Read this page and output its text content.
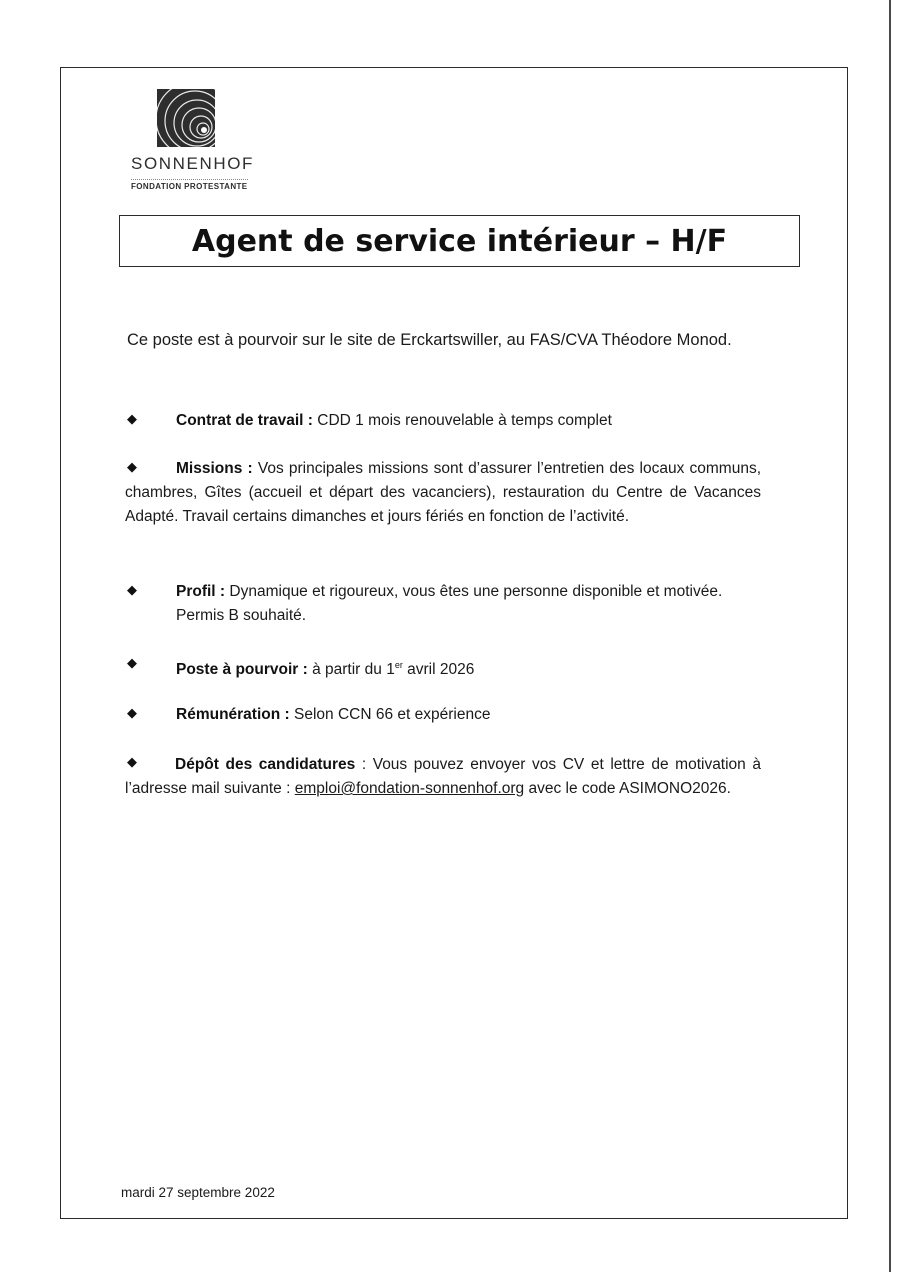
SONNENHOF
FONDATION PROTESTANTE
Agent de service intérieur – H/F
Ce poste est à pourvoir sur le site de Erckartswiller, au FAS/CVA Théodore Monod.
◆	Contrat de travail : CDD 1 mois renouvelable à temps complet
◆	Missions : Vos principales missions sont d’assurer l’entretien des locaux communs, chambres, Gîtes (accueil et départ des vacanciers), restauration du Centre de Vacances Adapté. Travail certains dimanches et jours fériés en fonction de l’activité.
◆	Profil : Dynamique et rigoureux, vous êtes une personne disponible et motivée.
Permis B souhaité.
◆	Poste à pourvoir : à partir du 1er avril 2026
◆	Rémunération : Selon CCN 66 et expérience
◆	Dépôt des candidatures : Vous pouvez envoyer vos CV et lettre de motivation à l’adresse mail suivante : emploi@fondation-sonnenhof.org avec le code ASIMONO2026.
mardi 27 septembre 2022
